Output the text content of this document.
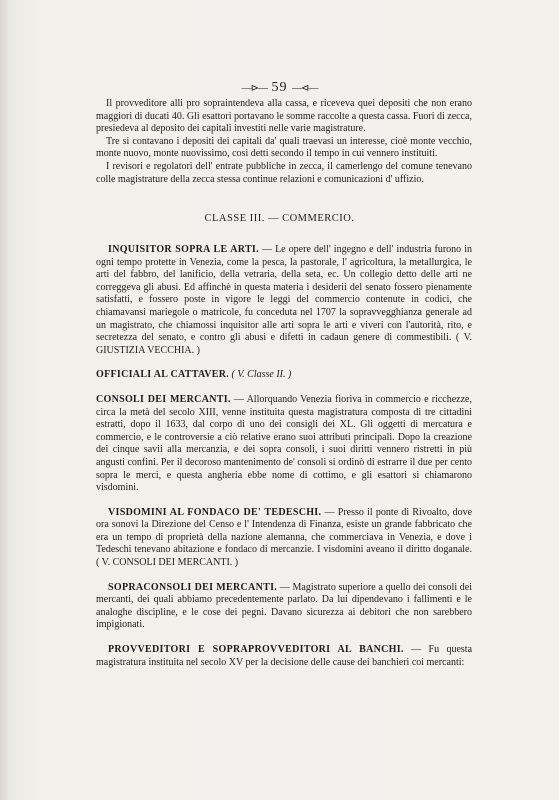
—⊳— 59 —⊲—

Il provveditore alli pro sopraintendeva alla cassa, e riceveva quei depositi che non erano maggiori di ducati 40. Gli esattori portavano le somme raccolte a questa cassa. Fuori di zecca, presiedeva al deposito dei capitali investiti nelle varie magistrature.

Tre si contavano i depositi dei capitali da' quali traevasi un interesse, cioè monte vecchio, monte nuovo, monte nuovissimo, così detti secondo il tempo in cui vennero instituiti.

I revisori e regolatori dell' entrate pubbliche in zecca, il camerlengo del comune tenevano colle magistrature della zecca stessa continue relazioni e comunicazioni d' uffizio.

CLASSE III. — COMMERCIO.

INQUISITOR SOPRA LE ARTI. — Le opere dell' ingegno e dell' industria furono in ogni tempo protette in Venezia, come la pesca, la pastorale, l' agricoltura, la metallurgica, le arti del fabbro, del lanificio, della vetraria, della seta, ec. Un collegio detto delle arti ne correggeva gli abusi. Ed affinchè in questa materia i desiderii del senato fossero pienamente satisfatti, e fossero poste in vigore le leggi del commercio contenute in codici, che chiamavansi mariegole o matricole, fu conceduta nel 1707 la sopravvegghianza generale ad un magistrato, che chiamossi inquisitor alle arti sopra le arti e viveri con l'autorità, rito, e secretezza del senato, e contro gli abusi e difetti in cadaun genere di commestibili. ( V. GIUSTIZIA VECCHIA. )

OFFICIALI AL CATTAVER. ( V. Classe II. )

CONSOLI DEI MERCANTI. — Allorquando Venezia fioriva in commercio e ricchezze, circa la metà del secolo XIII, venne instituita questa magistratura composta di tre cittadini estratti, dopo il 1633, dal corpo di uno dei consigli dei XL. Gli oggetti di mercatura e commercio, e le controversie a ciò relative erano suoi attributi principali. Dopo la creazione dei cinque savii alla mercanzia, e dei sopra consoli, i suoi diritti vennero ristretti in più angusti confini. Per il decoroso mantenimento de' consoli si ordinò di estrarre il due per cento sopra le merci, e questa angheria ebbe nome di cottimo, e gli esattori si chiamarono visdomini.

VISDOMINI AL FONDACO DE' TEDESCHI. — Presso il ponte di Rivoalto, dove ora sonovi la Direzione del Censo e l' Intendenza di Finanza, esiste un grande fabbricato che era un tempo di proprietà della nazione alemanna, che commerciava in Venezia, e dove i Tedeschi tenevano abitazione e fondaco di mercanzie. I visdomini aveano il diritto doganale. ( V. CONSOLI DEI MERCANTI. )

SOPRACONSOLI DEI MERCANTI. — Magistrato superiore a quello dei consoli dei mercanti, dei quali abbiamo precedentemente parlato. Da lui dipendevano i fallimenti e le analoghe discipline, e le cose dei pegni. Davano sicurezza ai debitori che non sarebbero impigionati.

PROVVEDITORI E SOPRAPROVVEDITORI AL BANCHI. — Fu questa magistratura instituita nel secolo XV per la decisione delle cause dei banchieri coi mercanti:
